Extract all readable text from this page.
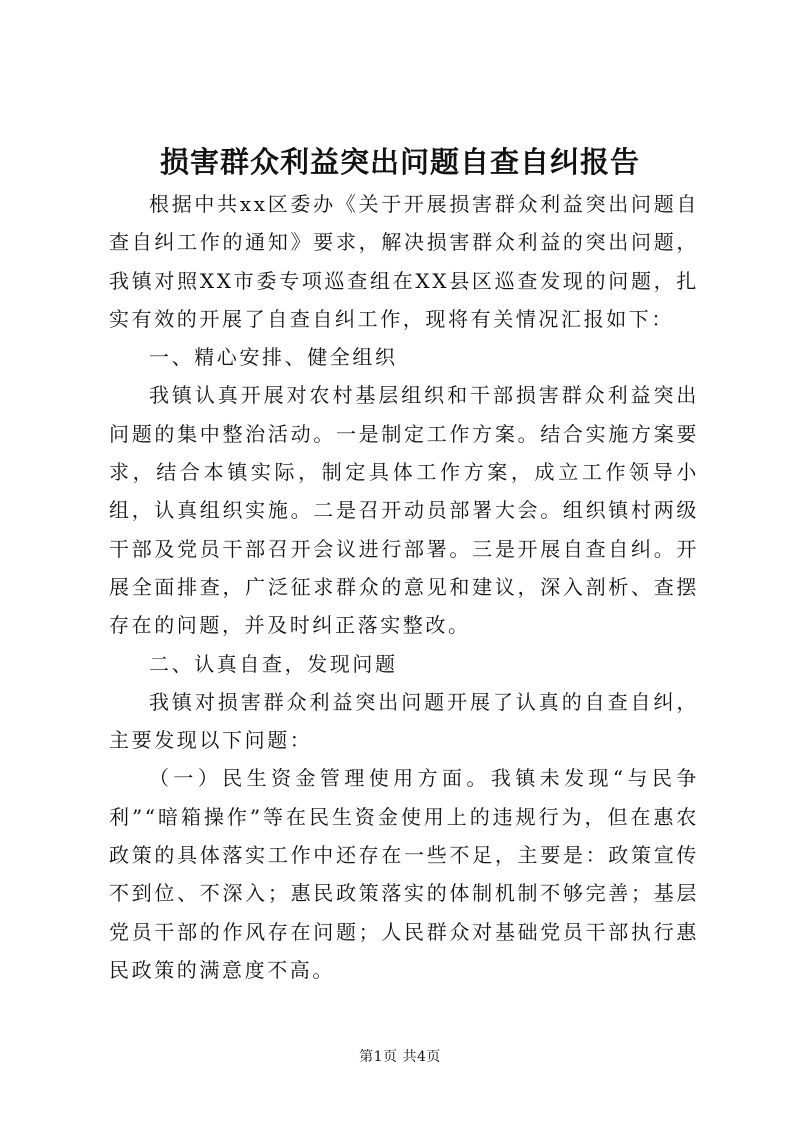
损害群众利益突出问题自查自纠报告

根据中共xx区委办《关于开展损害群众利益突出问题自查自纠工作的通知》要求，解决损害群众利益的突出问题，我镇对照XX市委专项巡查组在XX县区巡查发现的问题，扎实有效的开展了自查自纠工作，现将有关情况汇报如下：

一、精心安排、健全组织

我镇认真开展对农村基层组织和干部损害群众利益突出问题的集中整治活动。一是制定工作方案。结合实施方案要求，结合本镇实际，制定具体工作方案，成立工作领导小组，认真组织实施。二是召开动员部署大会。组织镇村两级干部及党员干部召开会议进行部署。三是开展自查自纠。开展全面排查，广泛征求群众的意见和建议，深入剖析、查摆存在的问题，并及时纠正落实整改。

二、认真自查，发现问题

我镇对损害群众利益突出问题开展了认真的自查自纠，主要发现以下问题：

（一）民生资金管理使用方面。我镇未发现“与民争利”“暗箱操作”等在民生资金使用上的违规行为，但在惠农政策的具体落实工作中还存在一些不足，主要是：政策宣传不到位、不深入；惠民政策落实的体制机制不够完善；基层党员干部的作风存在问题；人民群众对基础党员干部执行惠民政策的满意度不高。

第1页 共4页
